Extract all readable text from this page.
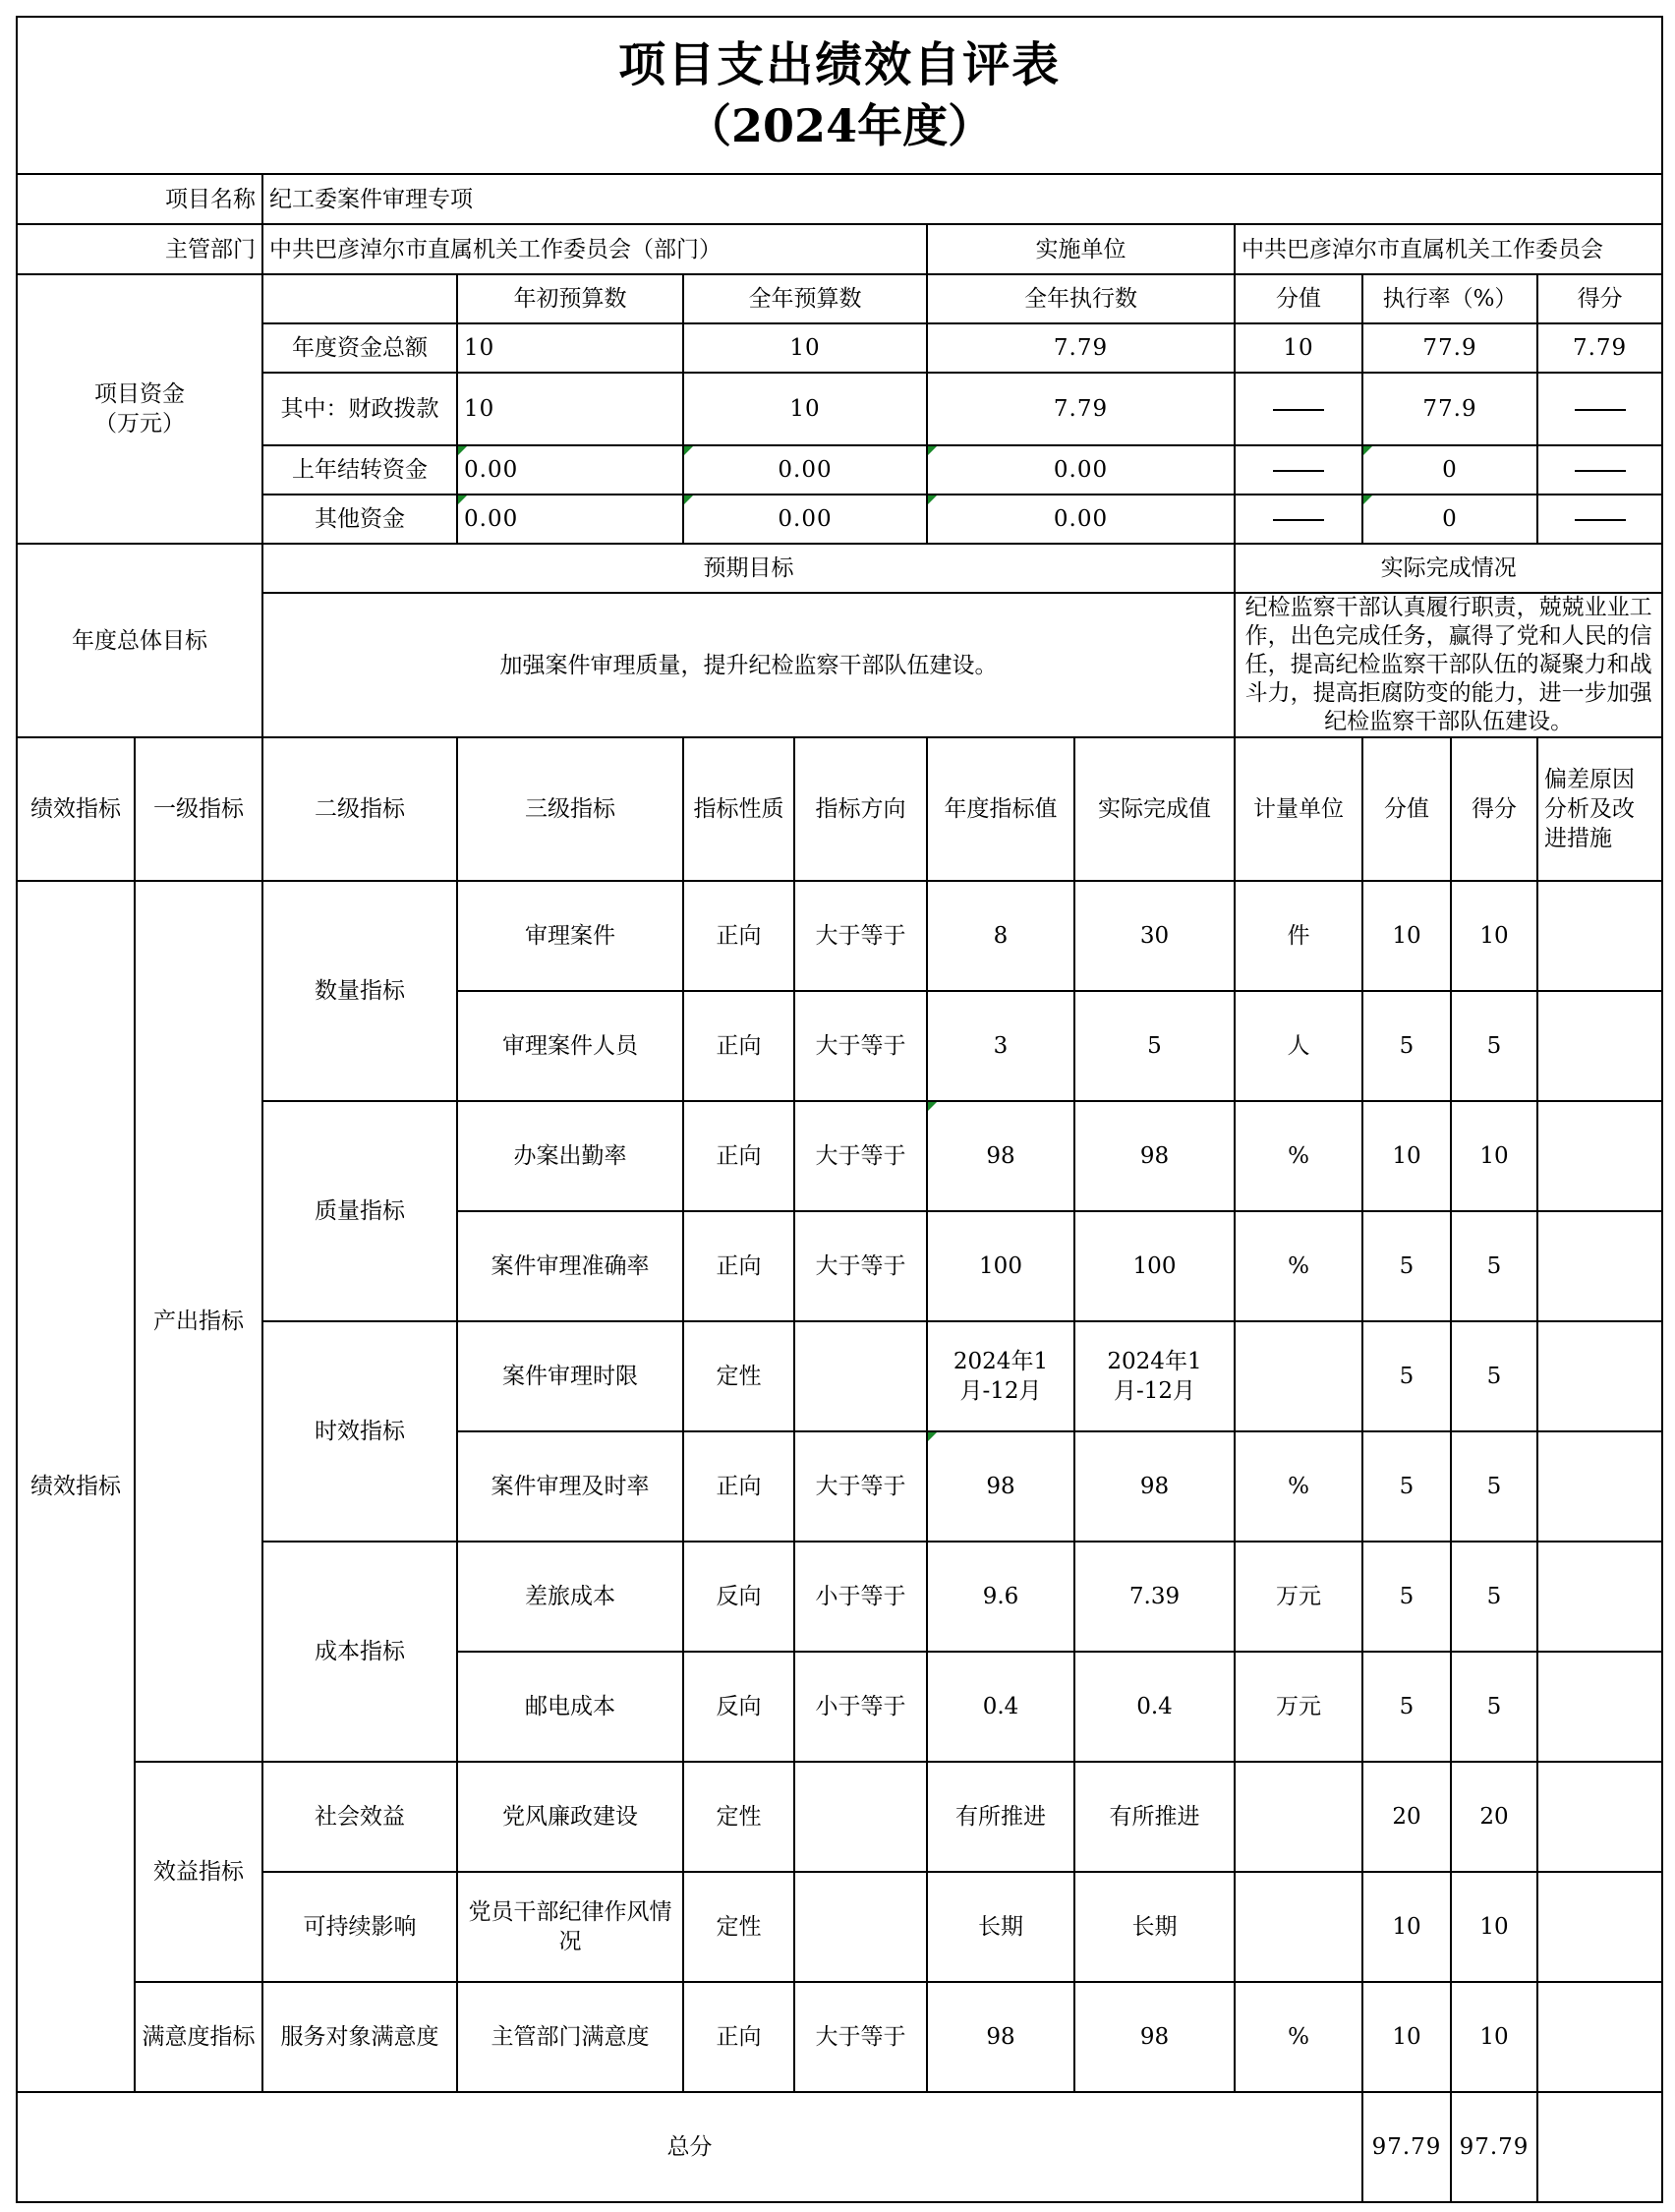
项目支出绩效自评表
（2024年度）											

项目名称		纪工委案件审理专项									
主管部门		中共巴彦淖尔市直属机关工作委员会（部门）				实施单位		中共巴彦淖尔市直属机关工作委员会			

项目资金
（万元）			年初预算数	全年预算数		全年执行数		分值	执行率（%）		得分
		年度资金总额	10	10		7.79		10	77.9		7.79
		其中：财政拨款	10	10		7.79			77.9		
		上年结转资金	0.00	0.00		0.00			0		
		其他资金	0.00	0.00		0.00			0		
年度总体目标		预期目标						实际完成情况			
		加强案件审理质量，提升纪检监察干部队伍建设。						纪检监察干部认真履行职责，兢兢业业工作，出色完成任务，赢得了党和人民的信任，提高纪检监察干部队伍的凝聚力和战斗力，提高拒腐防变的能力，进一步加强纪检监察干部队伍建设。			
绩效指标	一级指标	二级指标	三级指标	指标性质	指标方向	年度指标值	实际完成值	计量单位	分值	得分	偏差原因分析及改进措施
绩效指标	产出指标	数量指标	审理案件	正向	大于等于	8	30	件	10	10	
			审理案件人员	正向	大于等于	3	5	人	5	5	
		质量指标	办案出勤率	正向	大于等于	98	98	%	10	10	
			案件审理准确率	正向	大于等于	100	100	%	5	5	
		时效指标	案件审理时限	定性		2024年1月-12月	2024年1月-12月		5	5	
			案件审理及时率	正向	大于等于	98	98	%	5	5	
		成本指标	差旅成本	反向	小于等于	9.6	7.39	万元	5	5	
			邮电成本	反向	小于等于	0.4	0.4	万元	5	5	
	效益指标	社会效益	党风廉政建设	定性		有所推进	有所推进		20	20	
		可持续影响	党员干部纪律作风情况	定性		长期	长期		10	10	
	满意度指标	服务对象满意度	主管部门满意度	正向	大于等于	98	98	%	10	10	
总分									97.79	97.79	
